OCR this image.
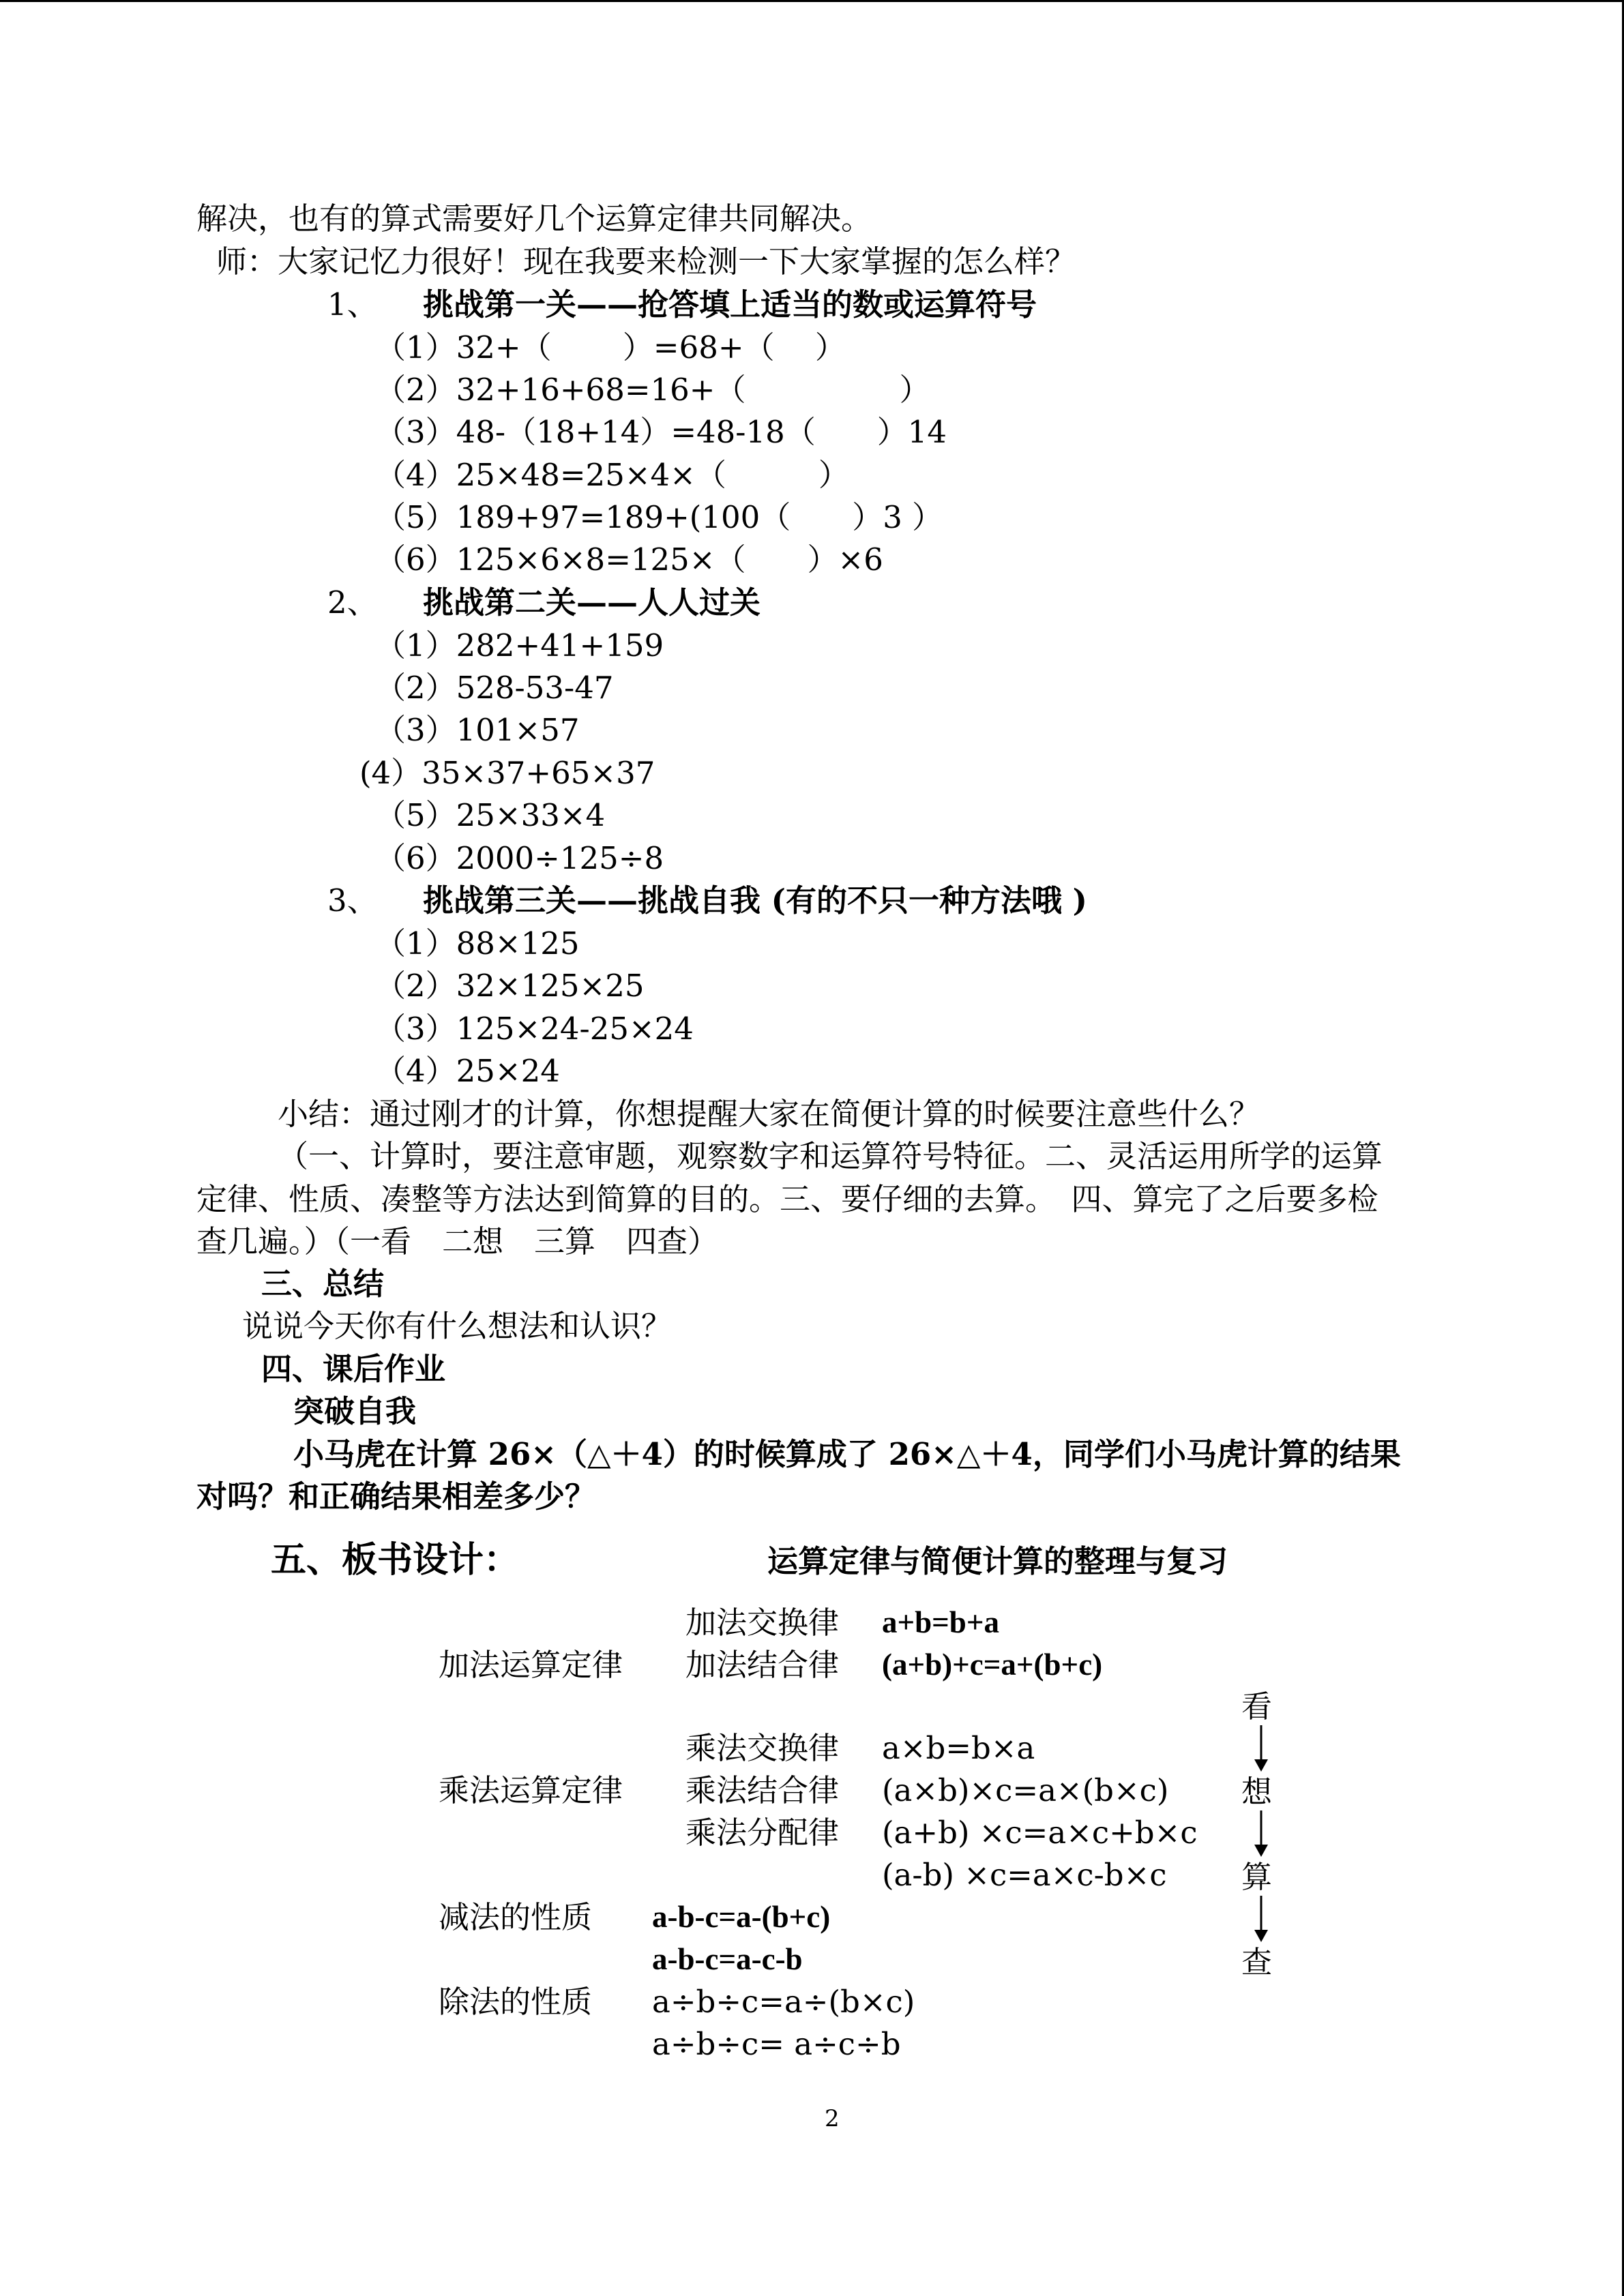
解决，也有的算式需要好几个运算定律共同解决。
师：大家记忆力很好！现在我要来检测一下大家掌握的怎么样？
1、 挑战第一关——抢答填上适当的数或运算符号
（1）32+（　　 ）=68+（　 ）
（2）32+16+68=16+（　　　　　）
（3）48-（18+14）=48-18（　　）14
（4）25×48=25×4×（　　　）
（5）189+97=189+(100（　　）3 ）
（6）125×6×8=125×（　　）×6
2、 挑战第二关——人人过关
（1）282+41+159
（2）528-53-47
（3）101×57
(4）35×37+65×37
（5）25×33×4
（6）2000÷125÷8
3、 挑战第三关——挑战自我 (有的不只一种方法哦 )
（1）88×125
（2）32×125×25
（3）125×24-25×24
（4）25×24
小结：通过刚才的计算，你想提醒大家在简便计算的时候要注意些什么？
（一、计算时，要注意审题，观察数字和运算符号特征。二、灵活运用所学的运算
定律、性质、凑整等方法达到简算的目的。三、要仔细的去算。　四、算完了之后要多检
查几遍。）（一看　二想　三算　四查）
三、总结
说说今天你有什么想法和认识？
四、课后作业
突破自我
小马虎在计算 26×（△＋4）的时候算成了 26×△＋4，同学们小马虎计算的结果
对吗？和正确结果相差多少？
五、板书设计：	运算定律与简便计算的整理与复习
加法交换律 a+b=b+a
加法运算定律 加法结合律 (a+b)+c=a+(b+c)
乘法交换律 a×b=b×a
乘法运算定律 乘法结合律 (a×b)×c=a×(b×c)
乘法分配律 (a+b) ×c=a×c+b×c
(a-b) ×c=a×c-b×c
减法的性质 a-b-c=a-(b+c)
a-b-c=a-c-b
除法的性质 a÷b÷c=a÷(b×c)
a÷b÷c= a÷c÷b
看
想
算
查
2
